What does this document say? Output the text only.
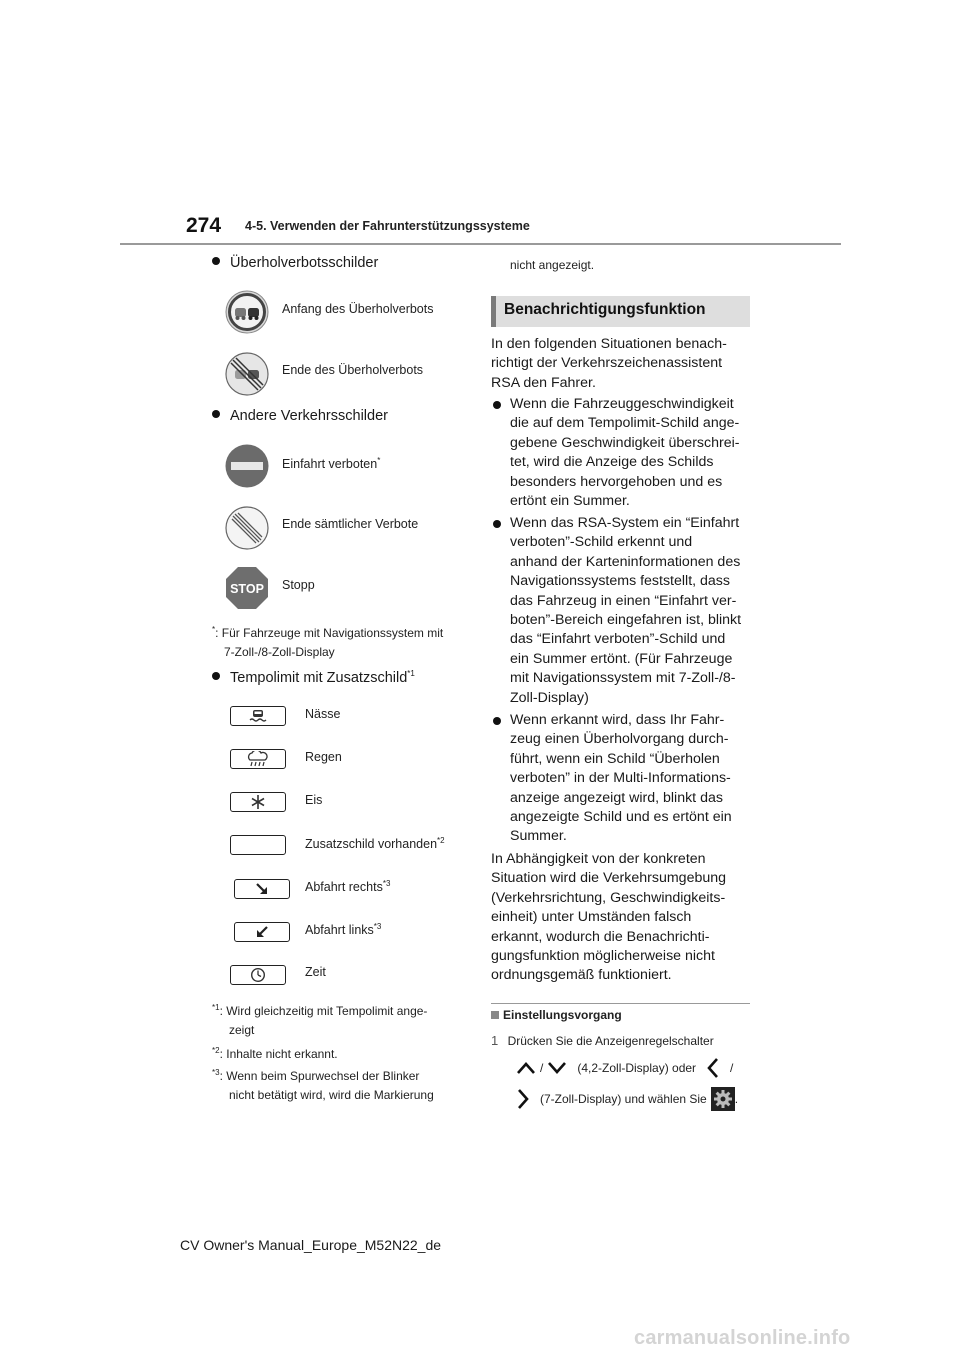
274 4-5. Verwenden der Fahrunterstützungssysteme
Überholverbotsschilder
Anfang des Überholverbots
Ende des Überholverbots
Andere Verkehrsschilder
Einfahrt verboten*
Ende sämtlicher Verbote
STOP Stopp
*: Für Fahrzeuge mit Navigationssystem mit
7-Zoll-/8-Zoll-Display
Tempolimit mit Zusatzschild$^{*1}$
Nässe
Regen
Eis
Zusatzschild vorhanden$^{*2}$
Abfahrt rechts$^{*3}$
Abfahrt links$^{*3}$
Zeit
$^{*1}$: Wird gleichzeitig mit Tempolimit ange-
zeigt
$^{*2}$: Inhalte nicht erkannt.
$^{*3}$: Wenn beim Spurwechsel der Blinker
nicht betätigt wird, wird die Markierung
nicht angezeigt.
Benachrichtigungsfunktion
In den folgenden Situationen benach-
richtigt der Verkehrszeichenassistent
RSA den Fahrer.
Wenn die Fahrzeuggeschwindigkeit
die auf dem Tempolimit-Schild ange-
gebene Geschwindigkeit überschrei-
tet, wird die Anzeige des Schilds
besonders hervorgehoben und es
ertönt ein Summer.
Wenn das RSA-System ein “Einfahrt
verboten”-Schild erkennt und
anhand der Karteninformationen des
Navigationssystems feststellt, dass
das Fahrzeug in einen “Einfahrt ver-
boten”-Bereich eingefahren ist, blinkt
das “Einfahrt verboten”-Schild und
ein Summer ertönt. (Für Fahrzeuge
mit Navigationssystem mit 7-Zoll-/8-
Zoll-Display)
Wenn erkannt wird, dass Ihr Fahr-
zeug einen Überholvorgang durch-
führt, wenn ein Schild “Überholen
verboten” in der Multi-Informations-
anzeige angezeigt wird, blinkt das
angezeigte Schild und es ertönt ein
Summer.
In Abhängigkeit von der konkreten
Situation wird die Verkehrsumgebung
(Verkehrsrichtung, Geschwindigkeits-
einheit) unter Umständen falsch
erkannt, wodurch die Benachrichti-
gungsfunktion möglicherweise nicht
ordnungsgemäß funktioniert.
Einstellungsvorgang
1 Drücken Sie die Anzeigenregelschalter
/	(4,2-Zoll-Display) oder	/
(7-Zoll-Display) und wählen Sie .
CV Owner's Manual_Europe_M52N22_de
carmanualsonline.info
